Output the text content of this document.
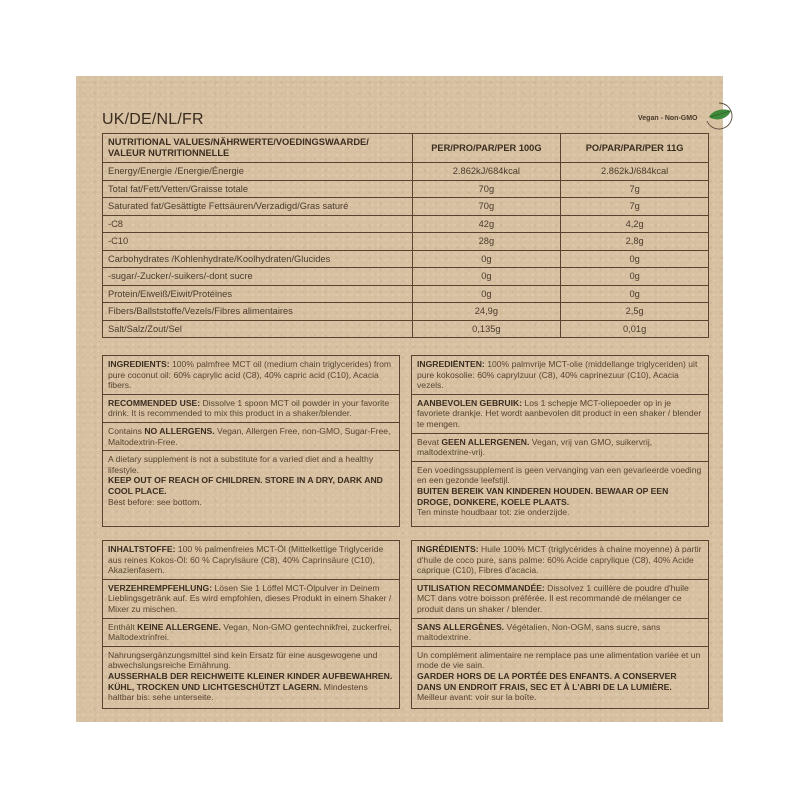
UK/DE/NL/FR	Vegan - Non-GMO
NUTRITIONAL VALUES/NÄHRWERTE/VOEDINGSWAARDE/ VALEUR NUTRITIONNELLE	PER/PRO/PAR/PER 100G	PO/PAR/PAR/PER 11G
Energy/Energie /Energie/Énergie	2.862kJ/684kcal	2.862kJ/684kcal
Total fat/Fett/Vetten/Graisse totale	70g	7g
Saturated fat/Gesättigte Fettsäuren/Verzadigd/Gras saturé	70g	7g
-C8	42g	4,2g
-C10	28g	2,8g
Carbohydrates /Kohlenhydrate/Koolhydraten/Glucides	0g	0g
-sugar/-Zucker/-suikers/-dont sucre	0g	0g
Protein/Eiweiß/Eiwit/Protéines	0g	0g
Fibers/Ballststoffe/Vezels/Fibres alimentaires	24,9g	2,5g
Salt/Salz/Zout/Sel	0,135g	0,01g
INGREDIENTS: 100% palmfree MCT oil (medium chain triglycerides) from pure coconut oil: 60% caprylic acid (C8), 40% capric acid (C10), Acacia fibers.
RECOMMENDED USE: Dissolve 1 spoon MCT oil powder in your favorite drink. It is recommended to mix this product in a shaker/blender.
Contains NO ALLERGENS. Vegan, Allergen Free, non-GMO, Sugar-Free, Maltodextrin-Free.
A dietary supplement is not a substitute for a varied diet and a healthy lifestyle.
KEEP OUT OF REACH OF CHILDREN. STORE IN A DRY, DARK AND COOL PLACE.
Best before: see bottom.
INGREDIËNTEN: 100% palmvrije MCT-olie (middellange triglyceriden) uit pure kokosolie: 60% caprylzuur (C8), 40% caprinezuur (C10), Acacia vezels.
AANBEVOLEN GEBRUIK: Los 1 schepje MCT-oliepoeder op in je favoriete drankje. Het wordt aanbevolen dit product in een shaker / blender te mengen.
Bevat GEEN ALLERGENEN. Vegan, vrij van GMO, suikervrij, maltodextrine-vrij.
Een voedingssupplement is geen vervanging van een gevarieerde voeding en een gezonde leefstijl.
BUITEN BEREIK VAN KINDEREN HOUDEN. BEWAAR OP EEN DROGE, DONKERE, KOELE PLAATS.
Ten minste houdbaar tot: zie onderzijde.
INHALTSTOFFE: 100 % palmenfreies MCT-Öl (Mittelkettige Triglyceride aus reines Kokos-Öl: 60 % Caprylsäure (C8), 40% Caprinsäure (C10), Akazienfasern.
VERZEHREMPFEHLUNG: Lösen Sie 1 Löffel MCT-Ölpulver in Deinem Lieblingsgetränk auf. Es wird empfohlen, dieses Produkt in einem Shaker / Mixer zu mischen.
Enthält KEINE ALLERGENE. Vegan, Non-GMO gentechnikfrei, zuckerfrei, Maltodextrinfrei.
Nahrungsergänzungsmittel sind kein Ersatz für eine ausgewogene und abwechslungsreiche Ernährung.
AUSSERHALB DER REICHWEITE KLEINER KINDER AUFBEWAHREN. KÜHL, TROCKEN UND LICHTGESCHÜTZT LAGERN. Mindestens haltbar bis: sehe unterseite.
INGRÉDIENTS: Huile 100% MCT (triglycérides à chaine moyenne) à partir d'huile de coco pure, sans palme: 60% Acide caprylique (C8), 40% Acide caprique (C10), Fibres d'acacia.
UTILISATION RECOMMANDÉE: Dissolvez 1 cuillère de poudre d'huile MCT dans votre boisson préférée. Il est recommandé de mélanger ce produit dans un shaker / blender.
SANS ALLERGÈNES. Végétalien, Non-OGM, sans sucre, sans maltodextrine.
Un complément alimentaire ne remplace pas une alimentation variée et un mode de vie sain.
GARDER HORS DE LA PORTÉE DES ENFANTS. A CONSERVER DANS UN ENDROIT FRAIS, SEC ET À L'ABRI DE LA LUMIÈRE.
Meilleur avant: voir sur la boîte.
